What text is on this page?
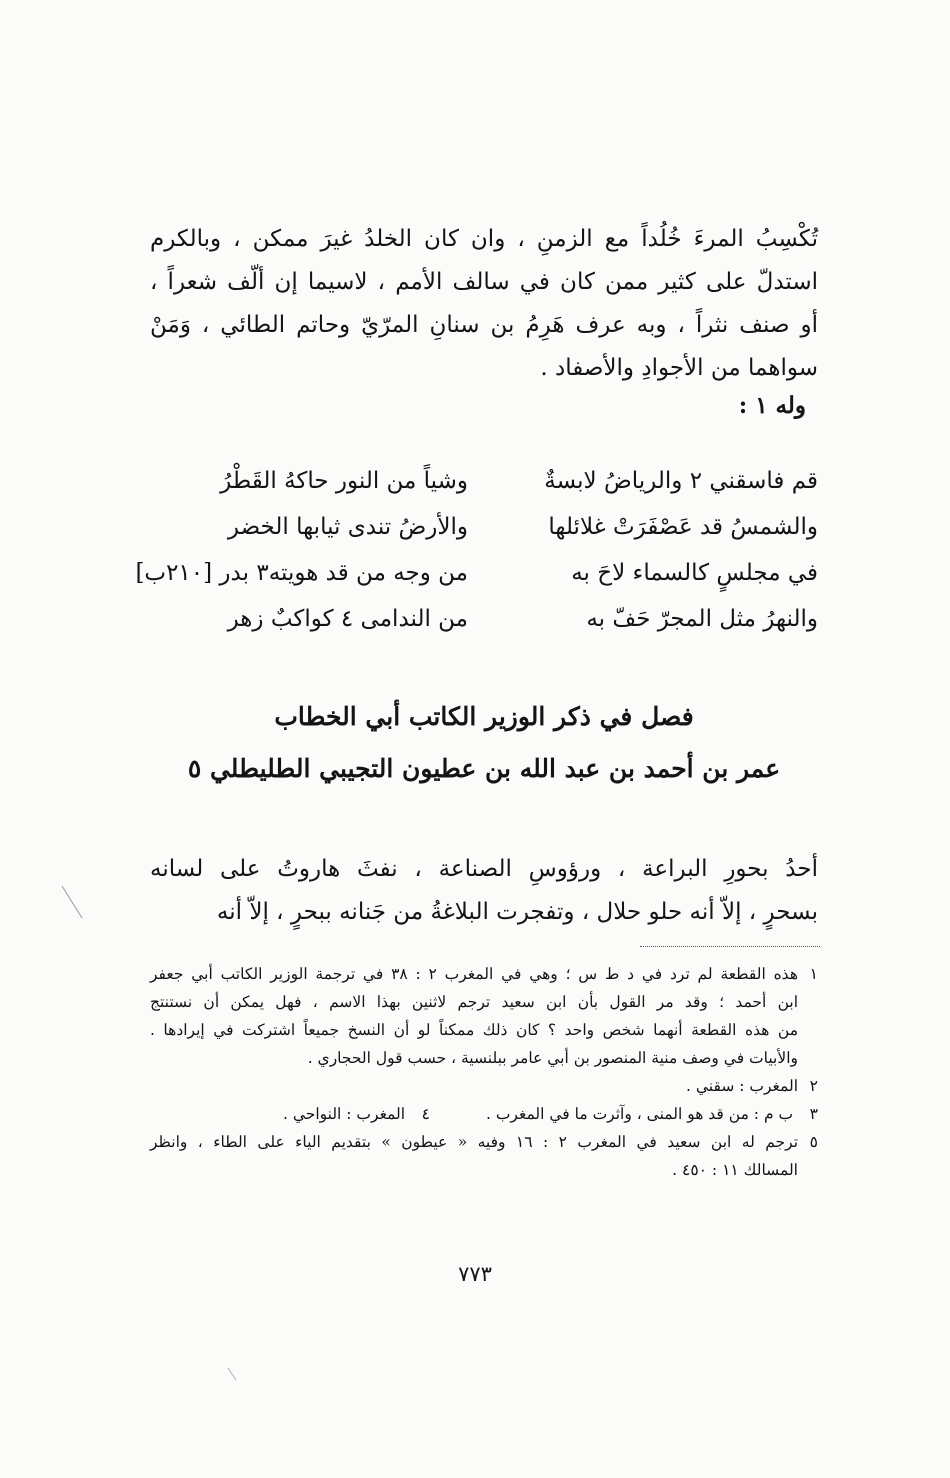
تُكْسِبُ المرءَ خُلُداً مع الزمنِ ، وان كان الخلدُ غيرَ ممكن ، وبالكرم
استدلّ على كثير ممن كان في سالف الأمم ، لاسيما إن ألّف شعراً ،
أو صنف نثراً ، وبه عرف هَرِمُ بن سنانِ المرّيّ وحاتم الطائي ، وَمَنْ
سواهما من الأجوادِ والأصفاد .
وله ١ :
قم فاسقني ٢ والرياضُ لابسةٌ
وشياً من النور حاكهُ القَطْرُ
والشمسُ قد عَصْفَرَتْ غلائلها
والأرضُ تندى ثيابها الخضر
في مجلسٍ كالسماء لاحَ به
من وجه من قد هويته٣ بدر [٢١٠ب]
والنهرُ مثل المجرّ حَفّ به
من الندامى ٤ كواكبٌ زهر
فصل في ذكر الوزير الكاتب أبي الخطاب
عمر بن أحمد بن عبد الله بن عطيون التجيبي الطليطلي ٥
أحدُ بحورِ البراعة ، ورؤوسِ الصناعة ، نفثَ هاروتُ على لسانه
بسحرٍ ، إلاّ أنه حلو حلال ، وتفجرت البلاغةُ من جَنانه ببحرٍ ، إلاّ أنه
١
هذه القطعة لم ترد في د ط س ؛ وهي في المغرب ٢ : ٣٨ في ترجمة الوزير الكاتب أبي جعفر
ابن أحمد ؛ وقد مر القول بأن ابن سعيد ترجم لاثنين بهذا الاسم ، فهل يمكن أن نستنتج
من هذه القطعة أنهما شخص واحد ؟ كان ذلك ممكناً لو أن النسخ جميعاً اشتركت في إيرادها .
والأبيات في وصف منية المنصور بن أبي عامر ببلنسية ، حسب قول الحجاري .
٢
المغرب : سقني .
٣ ب م : من قد هو المنى ، وآثرت ما في المغرب .
٤ المغرب : النواحي .
٥
ترجم له ابن سعيد في المغرب ٢ : ١٦ وفيه « عيطون » بتقديم الياء على الطاء ، وانظر
المسالك ١١ : ٤٥٠ .
٧٧٣
